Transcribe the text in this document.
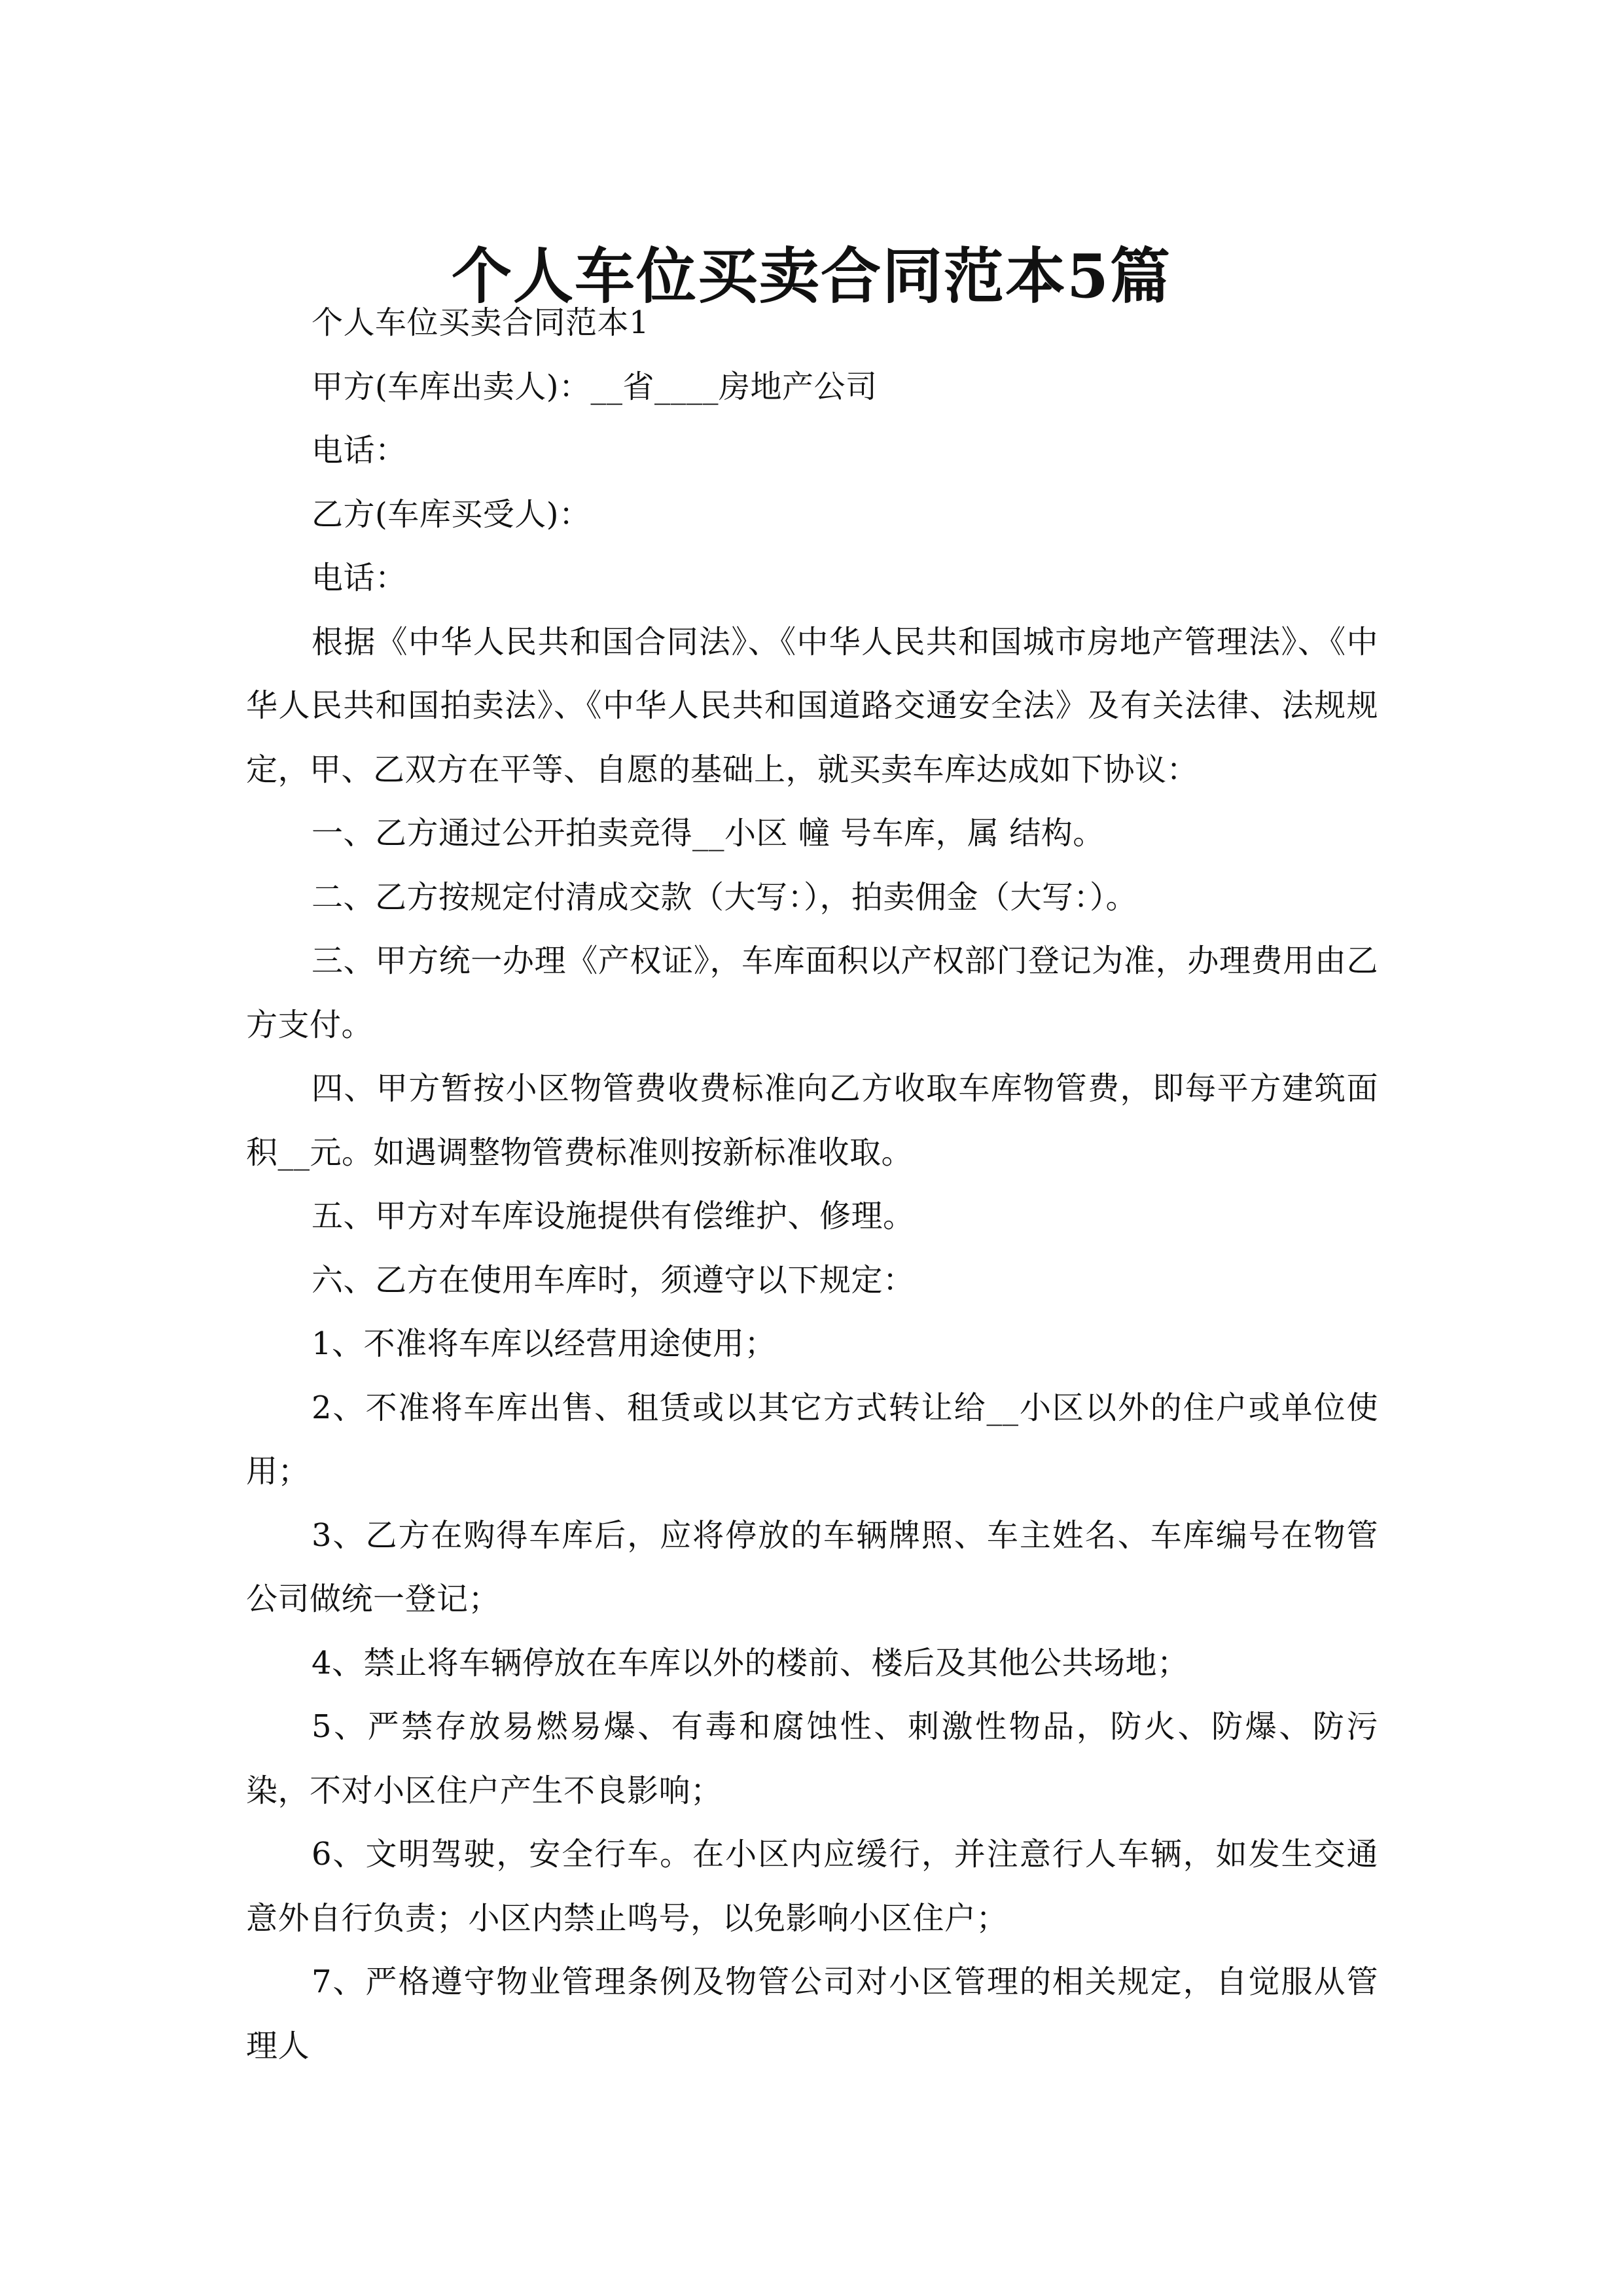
个人车位买卖合同范本5篇

个人车位买卖合同范本1

甲方(车库出卖人)：__省____房地产公司

电话：

乙方(车库买受人)：

电话：

根据《中华人民共和国合同法》、《中华人民共和国城市房地产管理法》、《中华人民共和国拍卖法》、《中华人民共和国道路交通安全法》及有关法律、法规规定，甲、乙双方在平等、自愿的基础上，就买卖车库达成如下协议：

一、乙方通过公开拍卖竞得__小区 幢 号车库，属 结构。

二、乙方按规定付清成交款（大写：），拍卖佣金（大写：）。

三、甲方统一办理《产权证》，车库面积以产权部门登记为准，办理费用由乙方支付。

四、甲方暂按小区物管费收费标准向乙方收取车库物管费，即每平方建筑面积__元。如遇调整物管费标准则按新标准收取。

五、甲方对车库设施提供有偿维护、修理。

六、乙方在使用车库时，须遵守以下规定：

1、不准将车库以经营用途使用；

2、不准将车库出售、租赁或以其它方式转让给__小区以外的住户或单位使用；

3、乙方在购得车库后，应将停放的车辆牌照、车主姓名、车库编号在物管公司做统一登记；

4、禁止将车辆停放在车库以外的楼前、楼后及其他公共场地；

5、严禁存放易燃易爆、有毒和腐蚀性、刺激性物品，防火、防爆、防污染，不对小区住户产生不良影响；

6、文明驾驶，安全行车。在小区内应缓行，并注意行人车辆，如发生交通意外自行负责；小区内禁止鸣号，以免影响小区住户；

7、严格遵守物业管理条例及物管公司对小区管理的相关规定，自觉服从管理人
